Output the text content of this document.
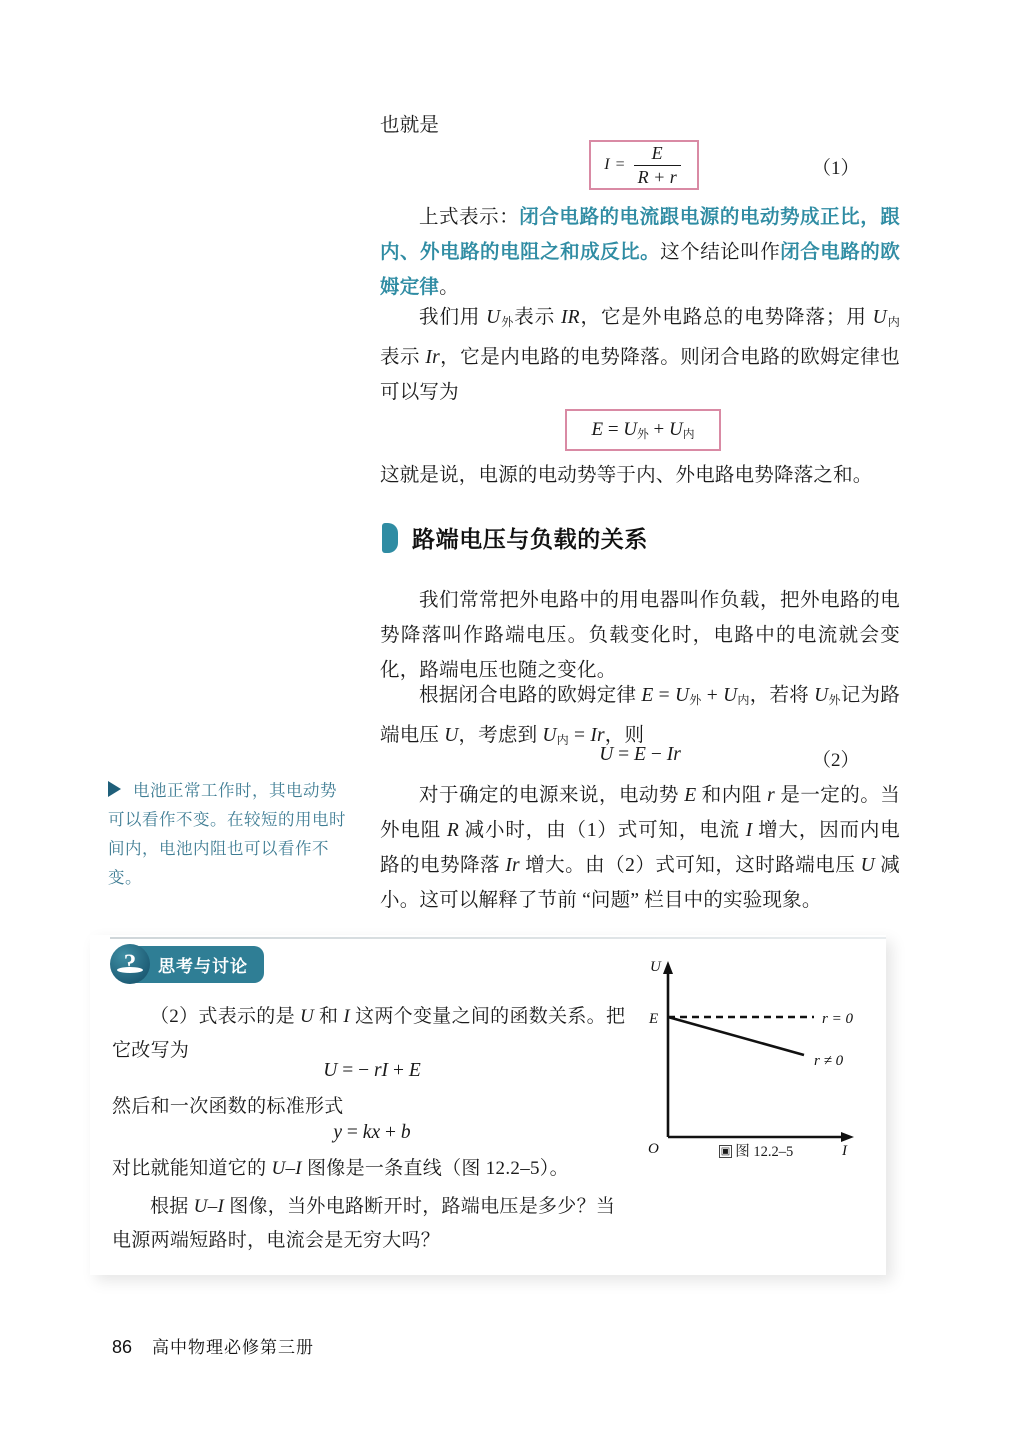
也就是
$I = \frac{E}{R + r}$	（1）
上式表示：闭合电路的电流跟电源的电动势成正比，跟内、外电路的电阻之和成反比。这个结论叫作闭合电路的欧姆定律。
我们用 $U_外$表示 IR，它是外电路总的电势降落；用 $U_内$表示 Ir，它是内电路的电势降落。则闭合电路的欧姆定律也可以写为
$E = U_外 + U_内$
这就是说，电源的电动势等于内、外电路电势降落之和。
路端电压与负载的关系
我们常常把外电路中的用电器叫作负载，把外电路的电势降落叫作路端电压。负载变化时，电路中的电流就会变化，路端电压也随之变化。
根据闭合电路的欧姆定律 $E = U_外 + U_内$，若将 $U_外$记为路端电压 U，考虑到 $U_内 = Ir$，则
U = E − Ir	（2）
对于确定的电源来说，电动势 E 和内阻 r 是一定的。当外电阻 R 减小时，由（1）式可知，电流 I 增大，因而内电路的电势降落 Ir 增大。由（2）式可知，这时路端电压 U 减小。这可以解释了节前 “问题” 栏目中的实验现象。
电池正常工作时，其电动势可以看作不变。在较短的用电时间内，电池内阻也可以看作不变。
?
思考与讨论
（2）式表示的是 U 和 I 这两个变量之间的函数关系。把它改写为
U = − rI + E
然后和一次函数的标准形式
y = kx + b
对比就能知道它的 U–I 图像是一条直线（图 12.2–5）。
根据 U–I 图像，当外电路断开时，路端电压是多少？当电源两端短路时，电流会是无穷大吗？
U
I
O
E	r = 0
r ≠ 0
▣ 图 12.2–5
86 高中物理必修第三册
